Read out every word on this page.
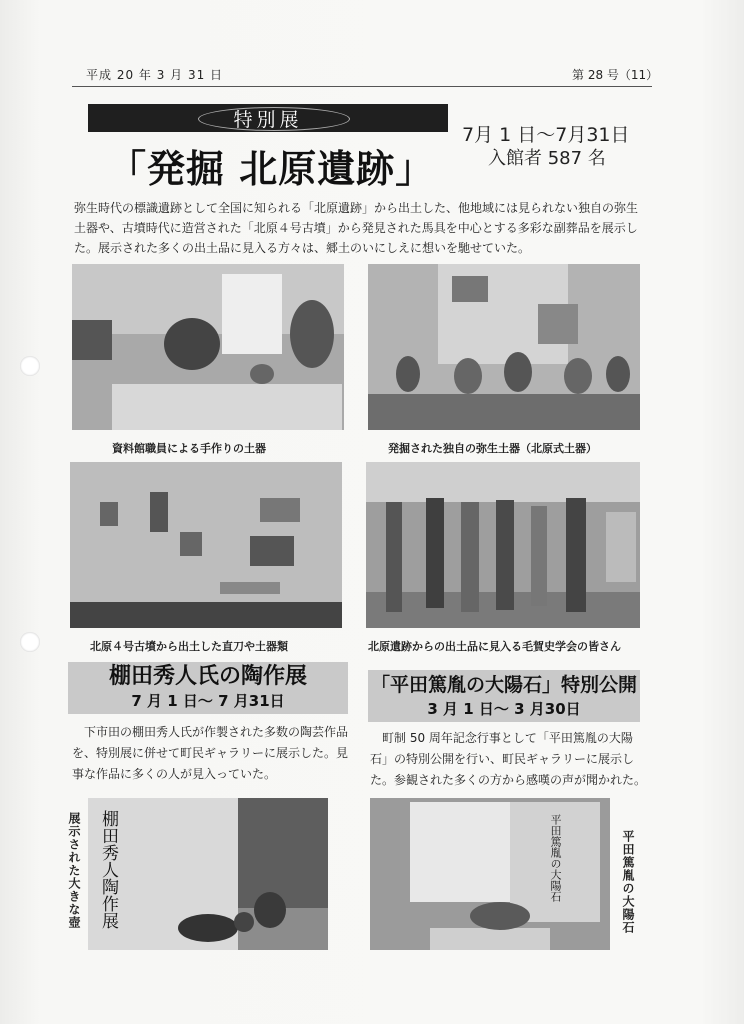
平成 20 年 3 月 31 日	第 28 号（11）
特別展
「発掘 北原遺跡」
7月 1 日～7月31日
入館者 587 名
弥生時代の標識遺跡として全国に知られる「北原遺跡」から出土した、他地域には見られない独自の弥生土器や、古墳時代に造営された「北原４号古墳」から発見された馬具を中心とする多彩な副葬品を展示した。展示された多くの出土品に見入る方々は、郷土のいにしえに想いを馳せていた。
資料館職員による手作りの土器	発掘された独自の弥生土器（北原式土器）
北原４号古墳から出土した直刀や土器類	北原遺跡からの出土品に見入る毛賀史学会の皆さん
棚田秀人氏の陶作展
7 月 1 日～ 7 月31日
下市田の棚田秀人氏が作製された多数の陶芸作品を、特別展に併せて町民ギャラリーに展示した。見事な作品に多くの人が見入っていた。
展示された大きな壺 棚田秀人陶作展
「平田篤胤の大陽石」特別公開
3 月 1 日～ 3 月30日
町制 50 周年記念行事として「平田篤胤の大陽石」の特別公開を行い、町民ギャラリーに展示した。参観された多くの方から感嘆の声が聞かれた。
平田篤胤の大陽石	平田篤胤の大陽石
